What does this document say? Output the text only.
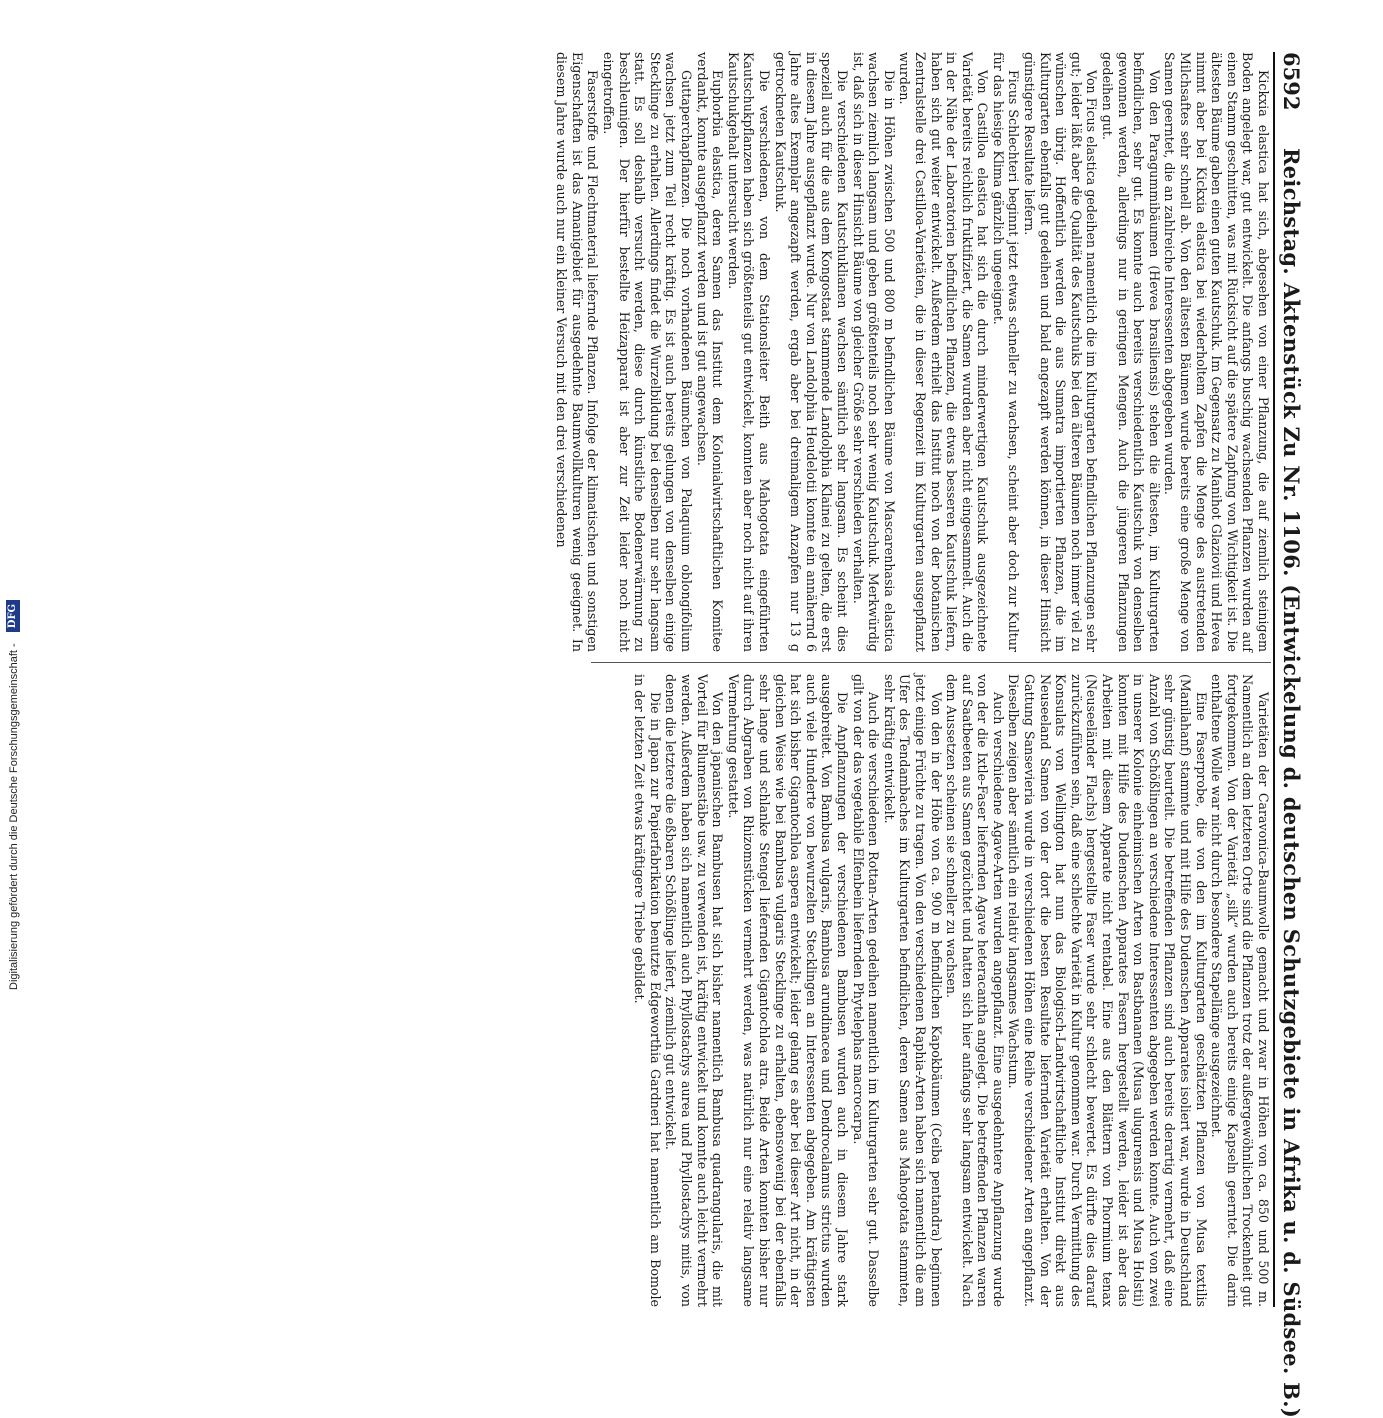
6592
Reichstag. Aktenstück Zu Nr. 1106. (Entwickelung d. deutschen Schutzgebiete in Afrika u. d. Südsee. B.)

Kickxia elastica hat sich, abgesehen von einer Pflanzung, die auf ziemlich steinigem Boden angelegt war, gut entwickelt. Die anfangs buschig wachsenden Pflanzen wurden auf einen Stamm geschnitten, was mit Rücksicht auf die spätere Zapfung von Wichtigkeit ist. Die ältesten Bäume gaben einen guten Kautschuk. Im Gegensatz zu Manihot Glaziovii und Hevea nimmt aber bei Kickxia elastica bei wiederholtem Zapfen die Menge des austretenden Milchsaftes sehr schnell ab. Von den ältesten Bäumen wurde bereits eine große Menge von Samen geerntet, die an zahlreiche Interessenten abgegeben wurden.

Von den Paragummibäumen (Hevea brasiliensis) stehen die ältesten, im Kulturgarten befindlichen, sehr gut. Es konnte auch bereits verschiedentlich Kautschuk von denselben gewonnen werden, allerdings nur in geringen Mengen. Auch die jüngeren Pflanzungen gedeihen gut.

Von Ficus elastica gedeihen namentlich die im Kulturgarten befindlichen Pflanzungen sehr gut; leider läßt aber die Qualität des Kautschuks bei den älteren Bäumen noch immer viel zu wünschen übrig. Hoffentlich werden die aus Sumatra importierten Pflanzen, die im Kulturgarten ebenfalls gut gedeihen und bald angezapft werden können, in dieser Hinsicht günstigere Resultate liefern.

Ficus Schlechteri beginnt jetzt etwas schneller zu wachsen, scheint aber doch zur Kultur für das hiesige Klima gänzlich ungeeignet.

Von Castilloa elastica hat sich die durch minderwertigen Kautschuk ausgezeichnete Varietät bereits reichlich fruktifiziert, die Samen wurden aber nicht eingesammelt. Auch die in der Nähe der Laboratorien befindlichen Pflanzen, die etwas besseren Kautschuk liefern, haben sich gut weiter entwickelt. Außerdem erhielt das Institut noch von der botanischen Zentralstelle drei Castilloa-Varietäten, die in dieser Regenzeit im Kulturgarten ausgepflanzt wurden.

Die in Höhen zwischen 500 und 800 m befindlichen Bäume von Mascarenhasia elastica wachsen ziemlich langsam und geben größtenteils noch sehr wenig Kautschuk. Merkwürdig ist, daß sich in dieser Hinsicht Bäume von gleicher Größe sehr verschieden verhalten.

Die verschiedenen Kautschuklianen wachsen sämtlich sehr langsam. Es scheint dies speziell auch für die aus dem Kongostaat stammende Landolphia Klainei zu gelten, die erst in diesem Jahre ausgepflanzt wurde. Nur von Landolphia Heudelotii konnte ein annähernd 6 Jahre altes Exemplar angezapft werden, ergab aber bei dreimaligem Anzapfen nur 13 g getrockneten Kautschuk.

Die verschiedenen, von dem Stationsleiter Beith aus Mahogotata eingeführten Kautschukpflanzen haben sich größtenteils gut entwickelt, konnten aber noch nicht auf ihren Kautschukgehalt untersucht werden.

Euphorbia elastica, deren Samen das Institut dem Kolonialwirtschaftlichen Komitee verdankt, konnte ausgepflanzt werden und ist gut angewachsen.

Guttaperchapflanzen. Die noch vorhandenen Bäumchen von Palaquium oblongifolium wachsen jetzt zum Teil recht kräftig. Es ist auch bereits gelungen von denselben einige Stecklinge zu erhalten. Allerdings findet die Wurzelbildung bei denselben nur sehr langsam statt. Es soll deshalb versucht werden, diese durch künstliche Bodenerwärmung zu beschleunigen. Der hierfür bestellte Heizapparat ist aber zur Zeit leider noch nicht eingetroffen.

Faserstoffe und Flechtmaterial liefernde Pflanzen. Infolge der klimatischen und sonstigen Eigenschaften ist das Amanigebiet für ausgedehnte Baumwollkulturen wenig geeignet. In diesem Jahre wurde auch nur ein kleiner Versuch mit den drei verschiedenen

Varietäten der Caravonica-Baumwolle gemacht und zwar in Höhen von ca. 850 und 500 m. Namentlich an dem letzteren Orte sind die Pflanzen trotz der außergewöhnlichen Trockenheit gut fortgekommen. Von der Varietät „silk“ wurden auch bereits einige Kapseln geerntet. Die darin enthaltene Wolle war nicht durch besondere Stapellänge ausgezeichnet.

Eine Faserprobe, die von den im Kulturgarten geschätzten Pflanzen von Musa textilis (Manilahanf) stammte und mit Hilfe des Dudenschen Apparates isoliert war, wurde in Deutschland sehr günstig beurteilt. Die betreffenden Pflanzen sind auch bereits derartig vermehrt, daß eine Anzahl von Schößlingen an verschiedene Interessenten abgegeben werden konnte. Auch von zwei in unserer Kolonie einheimischen Arten von Bastbananen (Musa ulugurensis und Musa Holstii) konnten mit Hilfe des Dudenschen Apparates Fasern hergestellt werden, leider ist aber das Arbeiten mit diesem Apparate nicht rentabel. Eine aus den Blättern von Phormium tenax (Neuseeländer Flachs) hergestellte Faser wurde sehr schlecht bewertet. Es dürfte dies darauf zurückzuführen sein, daß eine schlechte Varietät in Kultur genommen war. Durch Vermittlung des Konsulats von Wellington hat nun das Biologisch-Landwirtschaftliche Institut direkt aus Neuseeland Samen von der dort die besten Resultate liefernden Varietät erhalten. Von der Gattung Sansevieria wurde in verschiedenen Höhen eine Reihe verschiedener Arten angepflanzt. Dieselben zeigen aber sämtlich ein relativ langsames Wachstum.

Auch verschiedene Agave-Arten wurden angepflanzt. Eine ausgedehntere Anpflanzung wurde von der die Ixtle-Faser liefernden Agave heteracantha angelegt. Die betreffenden Pflanzen waren auf Saatbeeten aus Samen gezüchtet und hatten sich hier anfangs sehr langsam entwickelt. Nach dem Aussetzen scheinen sie schneller zu wachsen.

Von den in der Höhe von ca. 900 m befindlichen Kapokbäumen (Ceiba pentandra) beginnen jetzt einige Früchte zu tragen. Von den verschiedenen Raphia-Arten haben sich namentlich die am Ufer des Tendambaches im Kulturgarten befindlichen, deren Samen aus Mahogotata stammten, sehr kräftig entwickelt.

Auch die verschiedenen Rottan-Arten gedeihen namentlich im Kulturgarten sehr gut. Dasselbe gilt von der das vegetabile Elfenbein liefernden Phytelephas macrocarpa.

Die Anpflanzungen der verschiedenen Bambusen wurden auch in diesem Jahre stark ausgebreitet. Von Bambusa vulgaris, Bambusa arundinacea und Dendrocalamus strictus wurden auch viele Hunderte von bewurzelten Stecklingen an Interessenten abgegeben. Am kräftigsten hat sich bisher Gigantochloa aspera entwickelt; leider gelang es aber bei dieser Art nicht, in der gleichen Weise wie bei Bambusa vulgaris Stecklinge zu erhalten, ebensowenig bei der ebenfalls sehr lange und schlanke Stengel liefernden Gigantochloa atra. Beide Arten konnten bisher nur durch Abgraben von Rhizomstücken vermehrt werden, was natürlich nur eine relativ langsame Vermehrung gestattet.

Von den japanischen Bambusen hat sich bisher namentlich Bambusa quadrangularis, die mit Vorteil für Blumenstäbe usw. zu verwenden ist, kräftig entwickelt und konnte auch leicht vermehrt werden. Außerdem haben sich namentlich auch Phyllostachys aurea und Phyllostachys mitis, von denen die letztere die eßbaren Schößlinge liefert, ziemlich gut entwickelt.

Die in Japan zur Papierfabrikation benutzte Edgeworthia Gardneri hat namentlich am Bomole in der letzten Zeit etwas kräftigere Triebe gebildet.

Digitalisierung gefördert durch die Deutsche Forschungsgemeinschaft - DFG
